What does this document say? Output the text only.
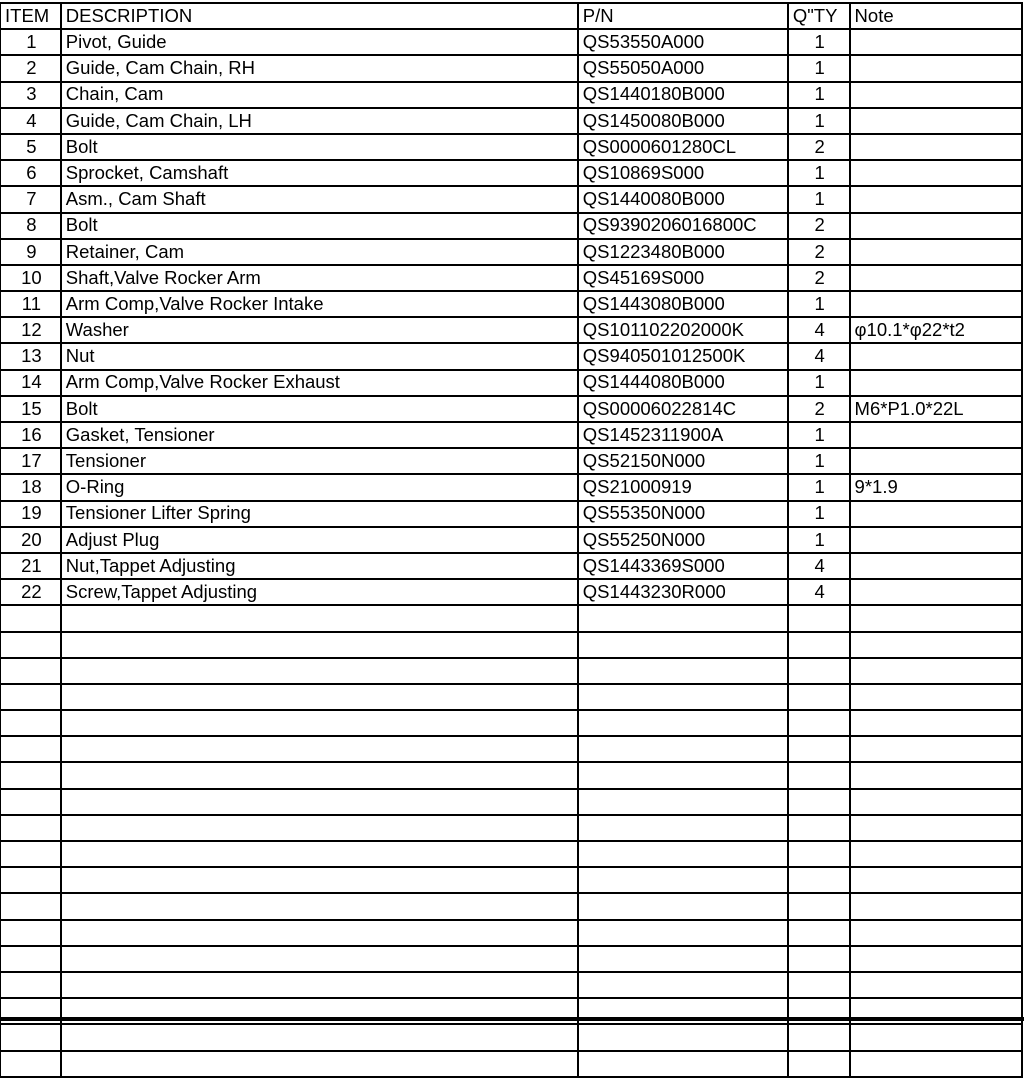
ITEM	DESCRIPTION	P/N	Q"TY	Note
1	Pivot, Guide	QS53550A000	1	
2	Guide, Cam Chain, RH	QS55050A000	1	
3	Chain, Cam	QS1440180B000	1	
4	Guide, Cam Chain, LH	QS1450080B000	1	
5	Bolt	QS0000601280CL	2	
6	Sprocket, Camshaft	QS10869S000	1	
7	Asm., Cam Shaft	QS1440080B000	1	
8	Bolt	QS9390206016800C	2	
9	Retainer, Cam	QS1223480B000	2	
10	Shaft,Valve Rocker Arm	QS45169S000	2	
11	Arm Comp,Valve Rocker Intake	QS1443080B000	1	
12	Washer	QS101102202000K	4	φ10.1*φ22*t2
13	Nut	QS940501012500K	4	
14	Arm Comp,Valve Rocker Exhaust	QS1444080B000	1	
15	Bolt	QS00006022814C	2	M6*P1.0*22L
16	Gasket, Tensioner	QS1452311900A	1	
17	Tensioner	QS52150N000	1	
18	O-Ring	QS21000919	1	9*1.9
19	Tensioner Lifter Spring	QS55350N000	1	
20	Adjust Plug	QS55250N000	1	
21	Nut,Tappet Adjusting	QS1443369S000	4	
22	Screw,Tappet Adjusting	QS1443230R000	4	
